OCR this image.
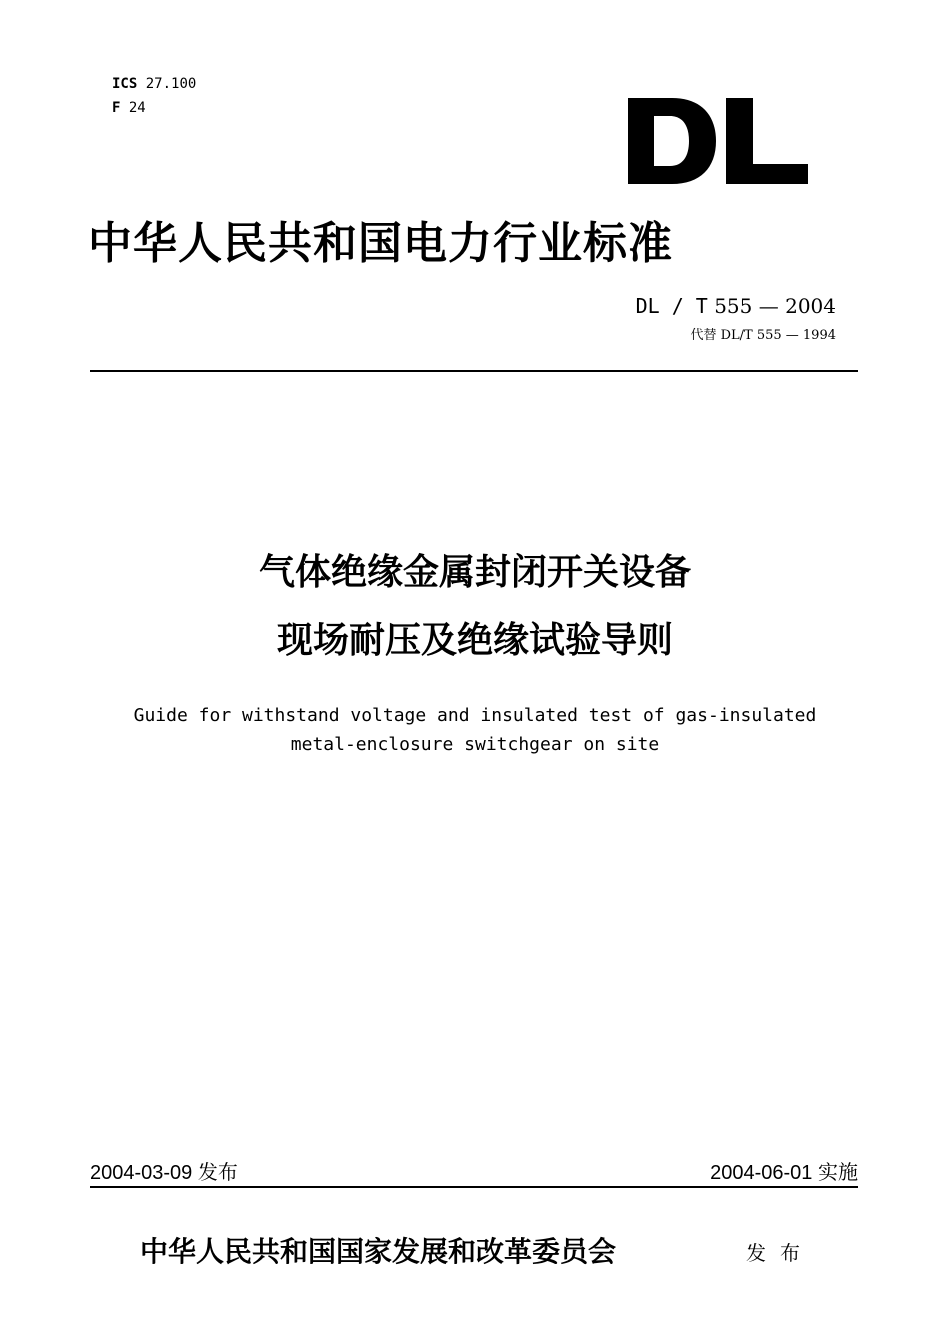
ICS 27.100
F 24
中华人民共和国电力行业标准
DL / T 555 — 2004
代替 DL/T 555 — 1994
气体绝缘金属封闭开关设备
现场耐压及绝缘试验导则
Guide for withstand voltage and insulated test of gas-insulated
metal-enclosure switchgear on site
2004-03-09 发布	2004-06-01 实施
中华人民共和国国家发展和改革委员会	发布
